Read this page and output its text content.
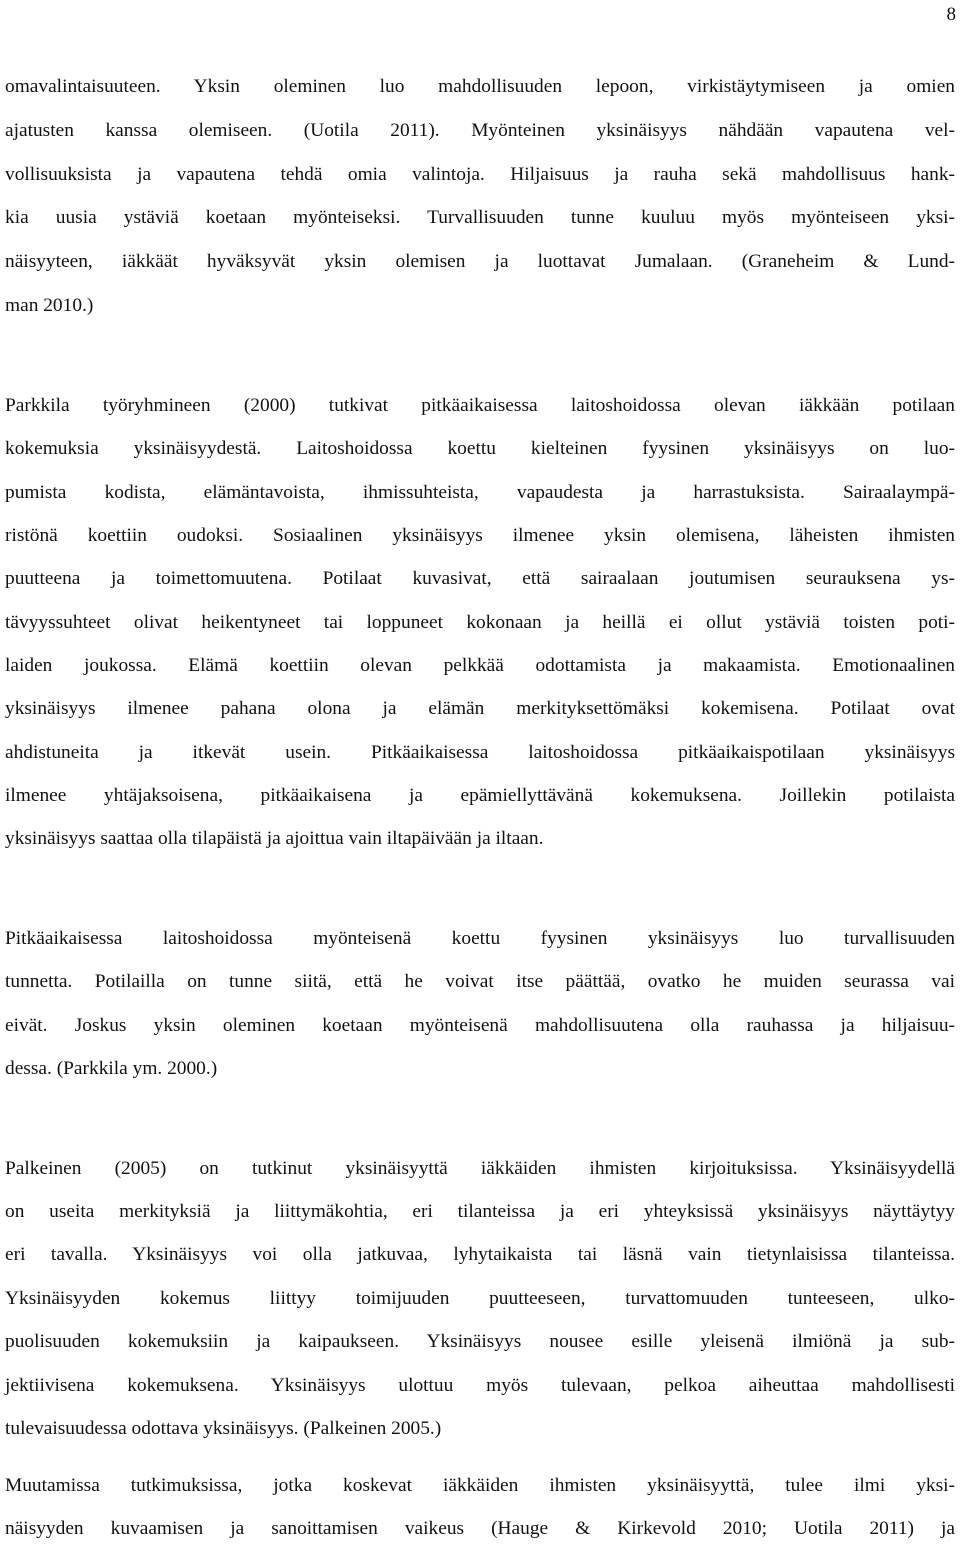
8
omavalintaisuuteen. Yksin oleminen luo mahdollisuuden lepoon, virkistäytymiseen ja omien
ajatusten kanssa olemiseen. (Uotila 2011). Myönteinen yksinäisyys nähdään vapautena vel-
vollisuuksista ja vapautena tehdä omia valintoja. Hiljaisuus ja rauha sekä mahdollisuus hank-
kia uusia ystäviä koetaan myönteiseksi. Turvallisuuden tunne kuuluu myös myönteiseen yksi-
näisyyteen, iäkkäät hyväksyvät yksin olemisen ja luottavat Jumalaan. (Graneheim & Lund-
man 2010.)
Parkkila työryhmineen (2000) tutkivat pitkäaikaisessa laitoshoidossa olevan iäkkään potilaan
kokemuksia yksinäisyydestä. Laitoshoidossa koettu kielteinen fyysinen yksinäisyys on luo-
pumista kodista, elämäntavoista, ihmissuhteista, vapaudesta ja harrastuksista. Sairaalaympä-
ristönä koettiin oudoksi. Sosiaalinen yksinäisyys ilmenee yksin olemisena, läheisten ihmisten
puutteena ja toimettomuutena. Potilaat kuvasivat, että sairaalaan joutumisen seurauksena ys-
tävyyssuhteet olivat heikentyneet tai loppuneet kokonaan ja heillä ei ollut ystäviä toisten poti-
laiden joukossa. Elämä koettiin olevan pelkkää odottamista ja makaamista. Emotionaalinen
yksinäisyys ilmenee pahana olona ja elämän merkityksettömäksi kokemisena. Potilaat ovat
ahdistuneita ja itkevät usein. Pitkäaikaisessa laitoshoidossa pitkäaikaispotilaan yksinäisyys
ilmenee yhtäjaksoisena, pitkäaikaisena ja epämiellyttävänä kokemuksena. Joillekin potilaista
yksinäisyys saattaa olla tilapäistä ja ajoittua vain iltapäivään ja iltaan.
Pitkäaikaisessa laitoshoidossa myönteisenä koettu fyysinen yksinäisyys luo turvallisuuden
tunnetta. Potilailla on tunne siitä, että he voivat itse päättää, ovatko he muiden seurassa vai
eivät. Joskus yksin oleminen koetaan myönteisenä mahdollisuutena olla rauhassa ja hiljaisuu-
dessa. (Parkkila ym. 2000.)
Palkeinen (2005) on tutkinut yksinäisyyttä iäkkäiden ihmisten kirjoituksissa. Yksinäisyydellä
on useita merkityksiä ja liittymäkohtia, eri tilanteissa ja eri yhteyksissä yksinäisyys näyttäytyy
eri tavalla. Yksinäisyys voi olla jatkuvaa, lyhytaikaista tai läsnä vain tietynlaisissa tilanteissa.
Yksinäisyyden kokemus liittyy toimijuuden puutteeseen, turvattomuuden tunteeseen, ulko-
puolisuuden kokemuksiin ja kaipaukseen. Yksinäisyys nousee esille yleisenä ilmiönä ja sub-
jektiivisena kokemuksena. Yksinäisyys ulottuu myös tulevaan, pelkoa aiheuttaa mahdollisesti
tulevaisuudessa odottava yksinäisyys. (Palkeinen 2005.)
Muutamissa tutkimuksissa, jotka koskevat iäkkäiden ihmisten yksinäisyyttä, tulee ilmi yksi-
näisyyden kuvaamisen ja sanoittamisen vaikeus (Hauge & Kirkevold 2010; Uotila 2011) ja
